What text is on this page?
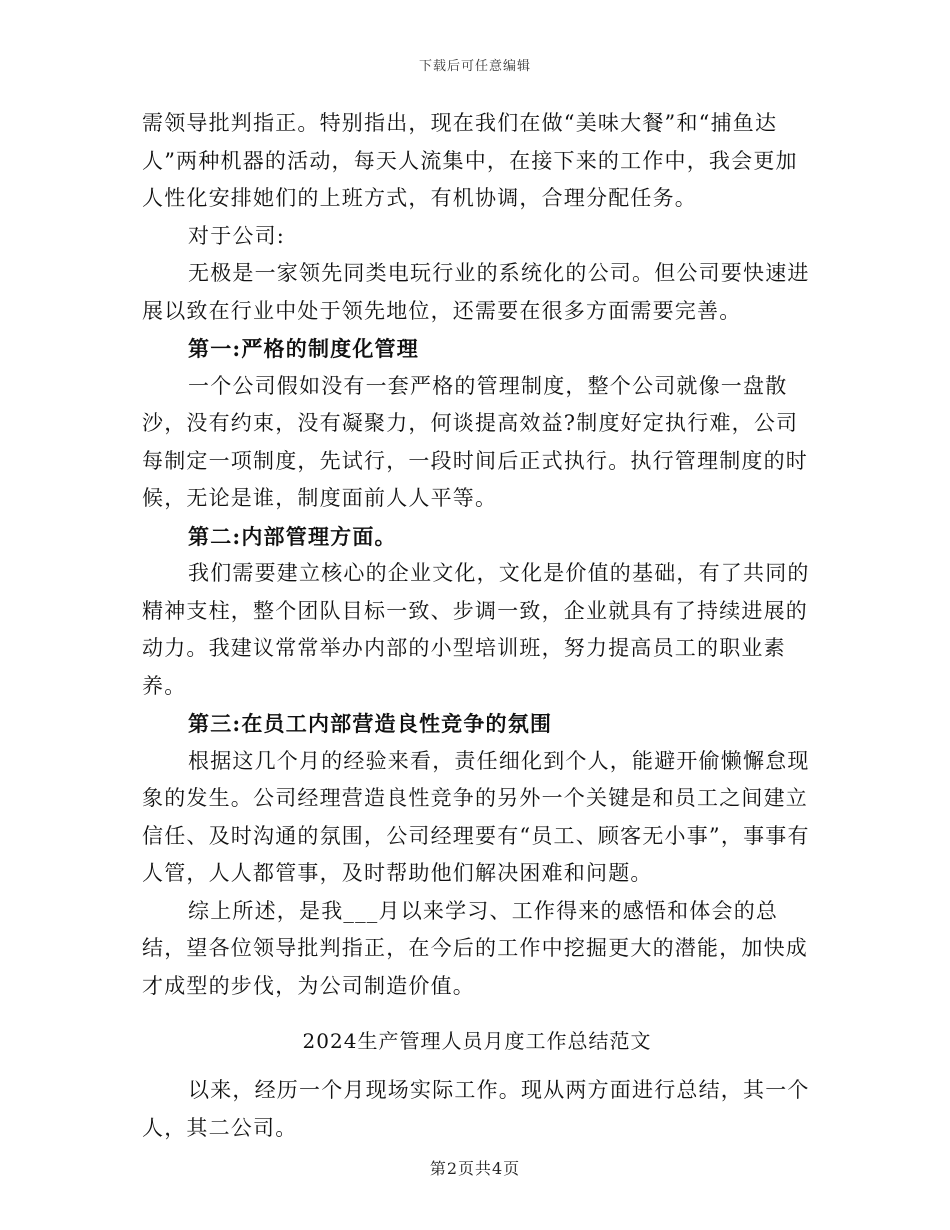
下载后可任意编辑

需领导批判指正。特别指出，现在我们在做“美味大餐”和“捕鱼达人”两种机器的活动，每天人流集中，在接下来的工作中，我会更加人性化安排她们的上班方式，有机协调，合理分配任务。

对于公司:

无极是一家领先同类电玩行业的系统化的公司。但公司要快速进展以致在行业中处于领先地位，还需要在很多方面需要完善。

第一:严格的制度化管理

一个公司假如没有一套严格的管理制度，整个公司就像一盘散沙，没有约束，没有凝聚力，何谈提高效益?制度好定执行难，公司每制定一项制度，先试行，一段时间后正式执行。执行管理制度的时候，无论是谁，制度面前人人平等。

第二:内部管理方面。

我们需要建立核心的企业文化，文化是价值的基础，有了共同的精神支柱，整个团队目标一致、步调一致，企业就具有了持续进展的动力。我建议常常举办内部的小型培训班，努力提高员工的职业素养。

第三:在员工内部营造良性竞争的氛围

根据这几个月的经验来看，责任细化到个人，能避开偷懒懈怠现象的发生。公司经理营造良性竞争的另外一个关键是和员工之间建立信任、及时沟通的氛围，公司经理要有“员工、顾客无小事”，事事有人管，人人都管事，及时帮助他们解决困难和问题。

综上所述，是我___月以来学习、工作得来的感悟和体会的总结，望各位领导批判指正，在今后的工作中挖掘更大的潜能，加快成才成型的步伐，为公司制造价值。

2024生产管理人员月度工作总结范文

以来，经历一个月现场实际工作。现从两方面进行总结，其一个人，其二公司。

第2页共4页
